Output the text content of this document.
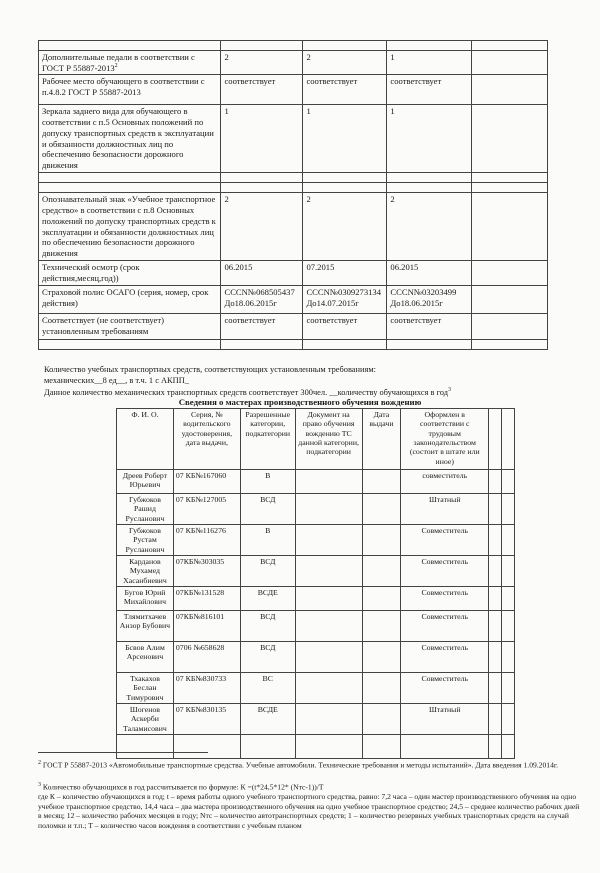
Дополнительные педали в соответствии с ГОСТ Р 55887-2013$^2$	2	2	1	
Рабочее место обучающего в соответствии с п.4.8.2 ГОСТ Р 55887-2013	соответствует	соответствует	соответствует	
Зеркала заднего вида для обучающего в соответствии с п.5 Основных положений по допуску транспортных средств к эксплуатации и обязанности должностных лиц по обеспечению безопасности дорожного движения	1	1	1	

Опознавательный знак «Учебное транспортное средство» в соответствии с п.8 Основных положений по допуску транспортных средств к эксплуатации и обязанности должностных лиц по обеспечению безопасности дорожного движения	2	2	2	
Технический осмотр (срок действия,месяц,год))	06.2015	07.2015	06.2015	
Страховой полис ОСАГО (серия, номер, срок действия)	СССN№068505437 До18.06.2015г	СССN№0309273134 До14.07.2015г	СССN№03203499 До18.06.2015г	
Соответствует (не соответствует) установленным требованиям	соответствует	соответствует	соответствует	

Количество учебных транспортных средств, соответствующих установленным требованиям:
механических__8 ед__, в т.ч. 1 с АКПП_
Данное количество механических транспортных средств соответствует 300чел. __количеству обучающихся в год$^3$
Сведения о мастерах производственного обучения вождению
Ф. И. О.	Серия, № водительского удостоверения, дата выдачи,	Разрешенные категории, подкатегории	Документ на право обучения вождению ТС данной категории, подкатегории	Дата выдачи	Оформлен в соответствии с трудовым законодательством (состоит в штате или иное)		
Дреев Роберт Юрьевич	07 КБ№167060	В			совместитель		
Губжоков Рашид Русланович	07 КБ№127005	ВСД			Штатный		
Губжоков Рустам Русланович	07 КБ№116276	В			Совместитель		
Карданов Мухамед Хасанбиевич	07КБ№303035	ВСД			Совместитель		
Бугов Юрий Михайлович	07КБ№131528	ВСДЕ			Совместитель		
Тлямитхачев Анзор Бубович	07КБ№816101	ВСД			Совместитель		
Бсвов Алим Арсенович	0706 №658628	ВСД			Совместитель		
Тхакахов Беслан Тимурович	07 КБ№830733	ВС			Совместитель		
Шогенов Аскерби Таламисович	07 КБ№830135	ВСДЕ			Штатный		

$^2$ ГОСТ Р 55887-2013 «Автомобильные транспортные средства. Учебные автомобили. Технические требования и методы испытаний». Дата введения 1.09.2014г.
$^3$ Количество обучающихся в год рассчитывается по формуле: К =(t*24,5*12* (Nтс-1))/Т
где К – количество обучающихся в год; t – время работы одного учебного транспортного средства, равно: 7,2 часа – один мастер производственного обучения на одно учебное транспортное средство, 14,4 часа – два мастера производственного обучения на одно учебное транспортное средство; 24,5 – среднее количество рабочих дней в месяц; 12 – количество рабочих месяцев в году; Nтс – количество автотранспортных средств; 1 – количество резервных учебных транспортных средств на случай поломки и т.п.; Т – количество часов вождения в соответствии с учебным планом
